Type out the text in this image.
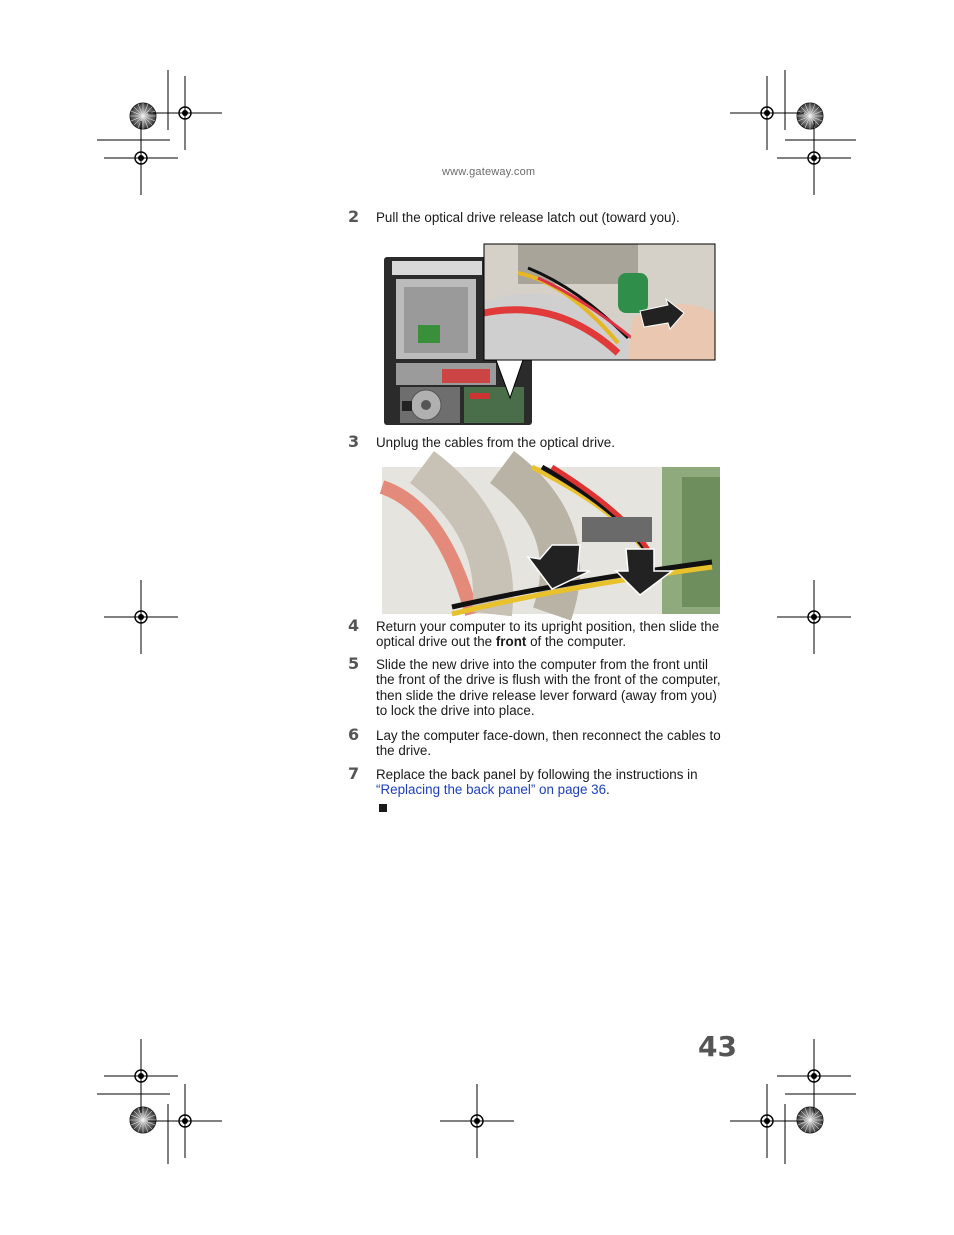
www.gateway.com
2 Pull the optical drive release latch out (toward you).
3 Unplug the cables from the optical drive.
4 Return your computer to its upright position, then slide the optical drive out the front of the computer.
5 Slide the new drive into the computer from the front until the front of the drive is flush with the front of the computer, then slide the drive release lever forward (away from you) to lock the drive into place.
6 Lay the computer face-down, then reconnect the cables to the drive.
7 Replace the back panel by following the instructions in “Replacing the back panel” on page 36.
43
